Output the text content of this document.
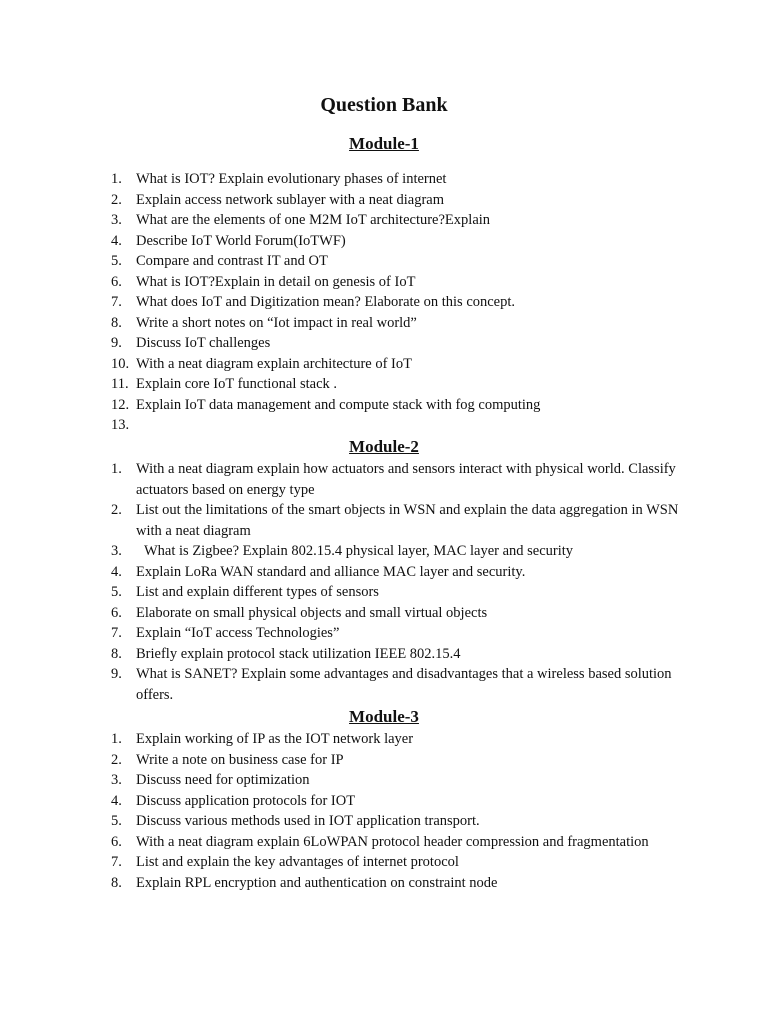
Question Bank
Module-1
1. What is IOT? Explain evolutionary phases of internet
2. Explain access network sublayer with a neat diagram
3. What are the elements of one M2M IoT architecture?Explain
4. Describe IoT World Forum(IoTWF)
5. Compare and contrast IT and OT
6. What is IOT?Explain in detail on genesis of IoT
7. What does IoT and Digitization mean? Elaborate on this concept.
8. Write a short notes on “Iot impact in real world”
9. Discuss IoT challenges
10. With a neat diagram explain architecture of IoT
11. Explain core IoT functional stack .
12. Explain IoT data management and compute stack with fog computing
13.
Module-2
1. With a neat diagram explain how actuators and sensors interact with physical world. Classify actuators based on energy type
2. List out the limitations of the smart objects in WSN and explain the data aggregation in WSN with a neat diagram
3.	What is Zigbee? Explain 802.15.4 physical layer, MAC layer and security
4. Explain LoRa WAN standard and alliance MAC layer and security.
5. List and explain different types of sensors
6. Elaborate on small physical objects and small virtual objects
7. Explain “IoT access Technologies”
8. Briefly explain protocol stack utilization IEEE 802.15.4
9. What is SANET? Explain some advantages and disadvantages that a wireless based solution offers.
Module-3
1. Explain working of IP as the IOT network layer
2. Write a note on business case for IP
3. Discuss need for optimization
4. Discuss application protocols for IOT
5. Discuss various methods used in IOT application transport.
6. With a neat diagram explain 6LoWPAN protocol header compression and fragmentation
7. List and explain the key advantages of internet protocol
8. Explain RPL encryption and authentication on constraint node
